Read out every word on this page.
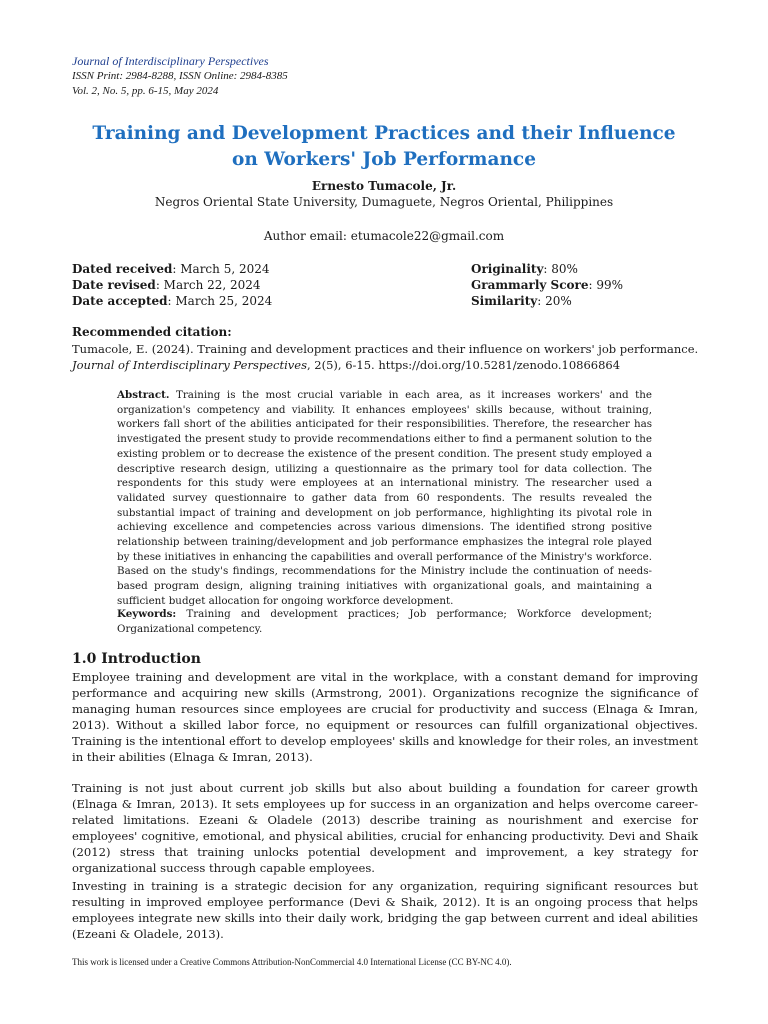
Journal of Interdisciplinary Perspectives
ISSN Print: 2984-8288, ISSN Online: 2984-8385
Vol. 2, No. 5, pp. 6-15, May 2024
Training and Development Practices and their Influence on Workers' Job Performance
Ernesto Tumacole, Jr.
Negros Oriental State University, Dumaguete, Negros Oriental, Philippines
Author email: etumacole22@gmail.com
Dated received: March 5, 2024
Date revised: March 22, 2024
Date accepted: March 25, 2024
Originality: 80%
Grammarly Score: 99%
Similarity: 20%
Recommended citation:
Tumacole, E. (2024). Training and development practices and their influence on workers' job performance.
Journal of Interdisciplinary Perspectives, 2(5), 6-15. https://doi.org/10.5281/zenodo.10866864
Abstract. Training is the most crucial variable in each area, as it increases workers' and the organization's competency and viability. It enhances employees' skills because, without training, workers fall short of the abilities anticipated for their responsibilities. Therefore, the researcher has investigated the present study to provide recommendations either to find a permanent solution to the existing problem or to decrease the existence of the present condition. The present study employed a descriptive research design, utilizing a questionnaire as the primary tool for data collection. The respondents for this study were employees at an international ministry. The researcher used a validated survey questionnaire to gather data from 60 respondents. The results revealed the substantial impact of training and development on job performance, highlighting its pivotal role in achieving excellence and competencies across various dimensions. The identified strong positive relationship between training/development and job performance emphasizes the integral role played by these initiatives in enhancing the capabilities and overall performance of the Ministry's workforce. Based on the study's findings, recommendations for the Ministry include the continuation of needs-based program design, aligning training initiatives with organizational goals, and maintaining a sufficient budget allocation for ongoing workforce development.
Keywords: Training and development practices; Job performance; Workforce development; Organizational competency.
1.0 Introduction
Employee training and development are vital in the workplace, with a constant demand for improving performance and acquiring new skills (Armstrong, 2001). Organizations recognize the significance of managing human resources since employees are crucial for productivity and success (Elnaga & Imran, 2013). Without a skilled labor force, no equipment or resources can fulfill organizational objectives. Training is the intentional effort to develop employees' skills and knowledge for their roles, an investment in their abilities (Elnaga & Imran, 2013).
Training is not just about current job skills but also about building a foundation for career growth (Elnaga & Imran, 2013). It sets employees up for success in an organization and helps overcome career-related limitations. Ezeani & Oladele (2013) describe training as nourishment and exercise for employees' cognitive, emotional, and physical abilities, crucial for enhancing productivity. Devi and Shaik (2012) stress that training unlocks potential development and improvement, a key strategy for organizational success through capable employees.
Investing in training is a strategic decision for any organization, requiring significant resources but resulting in improved employee performance (Devi & Shaik, 2012). It is an ongoing process that helps employees integrate new skills into their daily work, bridging the gap between current and ideal abilities (Ezeani & Oladele, 2013).
This work is licensed under a Creative Commons Attribution-NonCommercial 4.0 International License (CC BY-NC 4.0).
